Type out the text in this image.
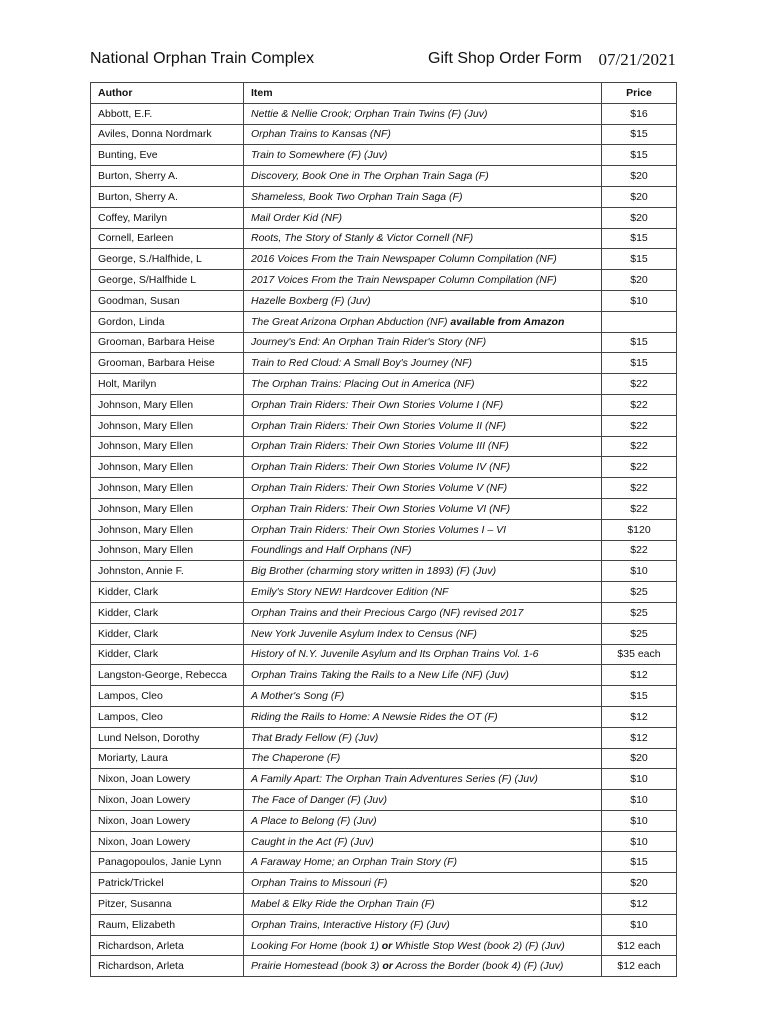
National Orphan Train Complex	Gift Shop Order Form 07/21/2021
Author	Item	Price
Abbott, E.F.	Nettie & Nellie Crook; Orphan Train Twins (F) (Juv)	$16
Aviles, Donna Nordmark	Orphan Trains to Kansas (NF)	$15
Bunting, Eve	Train to Somewhere (F) (Juv)	$15
Burton, Sherry A.	Discovery, Book One in The Orphan Train Saga (F)	$20
Burton, Sherry A.	Shameless, Book Two Orphan Train Saga (F)	$20
Coffey, Marilyn	Mail Order Kid (NF)	$20
Cornell, Earleen	Roots, The Story of Stanly & Victor Cornell (NF)	$15
George, S./Halfhide, L	2016 Voices From the Train Newspaper Column Compilation (NF)	$15
George, S/Halfhide L	2017 Voices From the Train Newspaper Column Compilation (NF)	$20
Goodman, Susan	Hazelle Boxberg (F) (Juv)	$10
Gordon, Linda	The Great Arizona Orphan Abduction (NF) available from Amazon	
Grooman, Barbara Heise	Journey's End: An Orphan Train Rider's Story (NF)	$15
Grooman, Barbara Heise	Train to Red Cloud: A Small Boy's Journey (NF)	$15
Holt, Marilyn	The Orphan Trains: Placing Out in America (NF)	$22
Johnson, Mary Ellen	Orphan Train Riders: Their Own Stories Volume I (NF)	$22
Johnson, Mary Ellen	Orphan Train Riders: Their Own Stories Volume II (NF)	$22
Johnson, Mary Ellen	Orphan Train Riders: Their Own Stories Volume III (NF)	$22
Johnson, Mary Ellen	Orphan Train Riders: Their Own Stories Volume IV (NF)	$22
Johnson, Mary Ellen	Orphan Train Riders: Their Own Stories Volume V (NF)	$22
Johnson, Mary Ellen	Orphan Train Riders: Their Own Stories Volume VI (NF)	$22
Johnson, Mary Ellen	Orphan Train Riders: Their Own Stories Volumes I – VI	$120
Johnson, Mary Ellen	Foundlings and Half Orphans (NF)	$22
Johnston, Annie F.	Big Brother (charming story written in 1893) (F) (Juv)	$10
Kidder, Clark	Emily's Story NEW! Hardcover Edition (NF	$25
Kidder, Clark	Orphan Trains and their Precious Cargo (NF) revised 2017	$25
Kidder, Clark	New York Juvenile Asylum Index to Census (NF)	$25
Kidder, Clark	History of N.Y. Juvenile Asylum and Its Orphan Trains Vol. 1-6	$35 each
Langston-George, Rebecca	Orphan Trains Taking the Rails to a New Life (NF) (Juv)	$12
Lampos, Cleo	A Mother's Song (F)	$15
Lampos, Cleo	Riding the Rails to Home: A Newsie Rides the OT (F)	$12
Lund Nelson, Dorothy	That Brady Fellow (F) (Juv)	$12
Moriarty, Laura	The Chaperone (F)	$20
Nixon, Joan Lowery	A Family Apart: The Orphan Train Adventures Series (F) (Juv)	$10
Nixon, Joan Lowery	The Face of Danger (F) (Juv)	$10
Nixon, Joan Lowery	A Place to Belong (F) (Juv)	$10
Nixon, Joan Lowery	Caught in the Act (F) (Juv)	$10
Panagopoulos, Janie Lynn	A Faraway Home; an Orphan Train Story (F)	$15
Patrick/Trickel	Orphan Trains to Missouri (F)	$20
Pitzer, Susanna	Mabel & Elky Ride the Orphan Train (F)	$12
Raum, Elizabeth	Orphan Trains, Interactive History (F) (Juv)	$10
Richardson, Arleta	Looking For Home (book 1) or Whistle Stop West (book 2) (F) (Juv)	$12 each
Richardson, Arleta	Prairie Homestead (book 3) or Across the Border (book 4) (F) (Juv)	$12 each
